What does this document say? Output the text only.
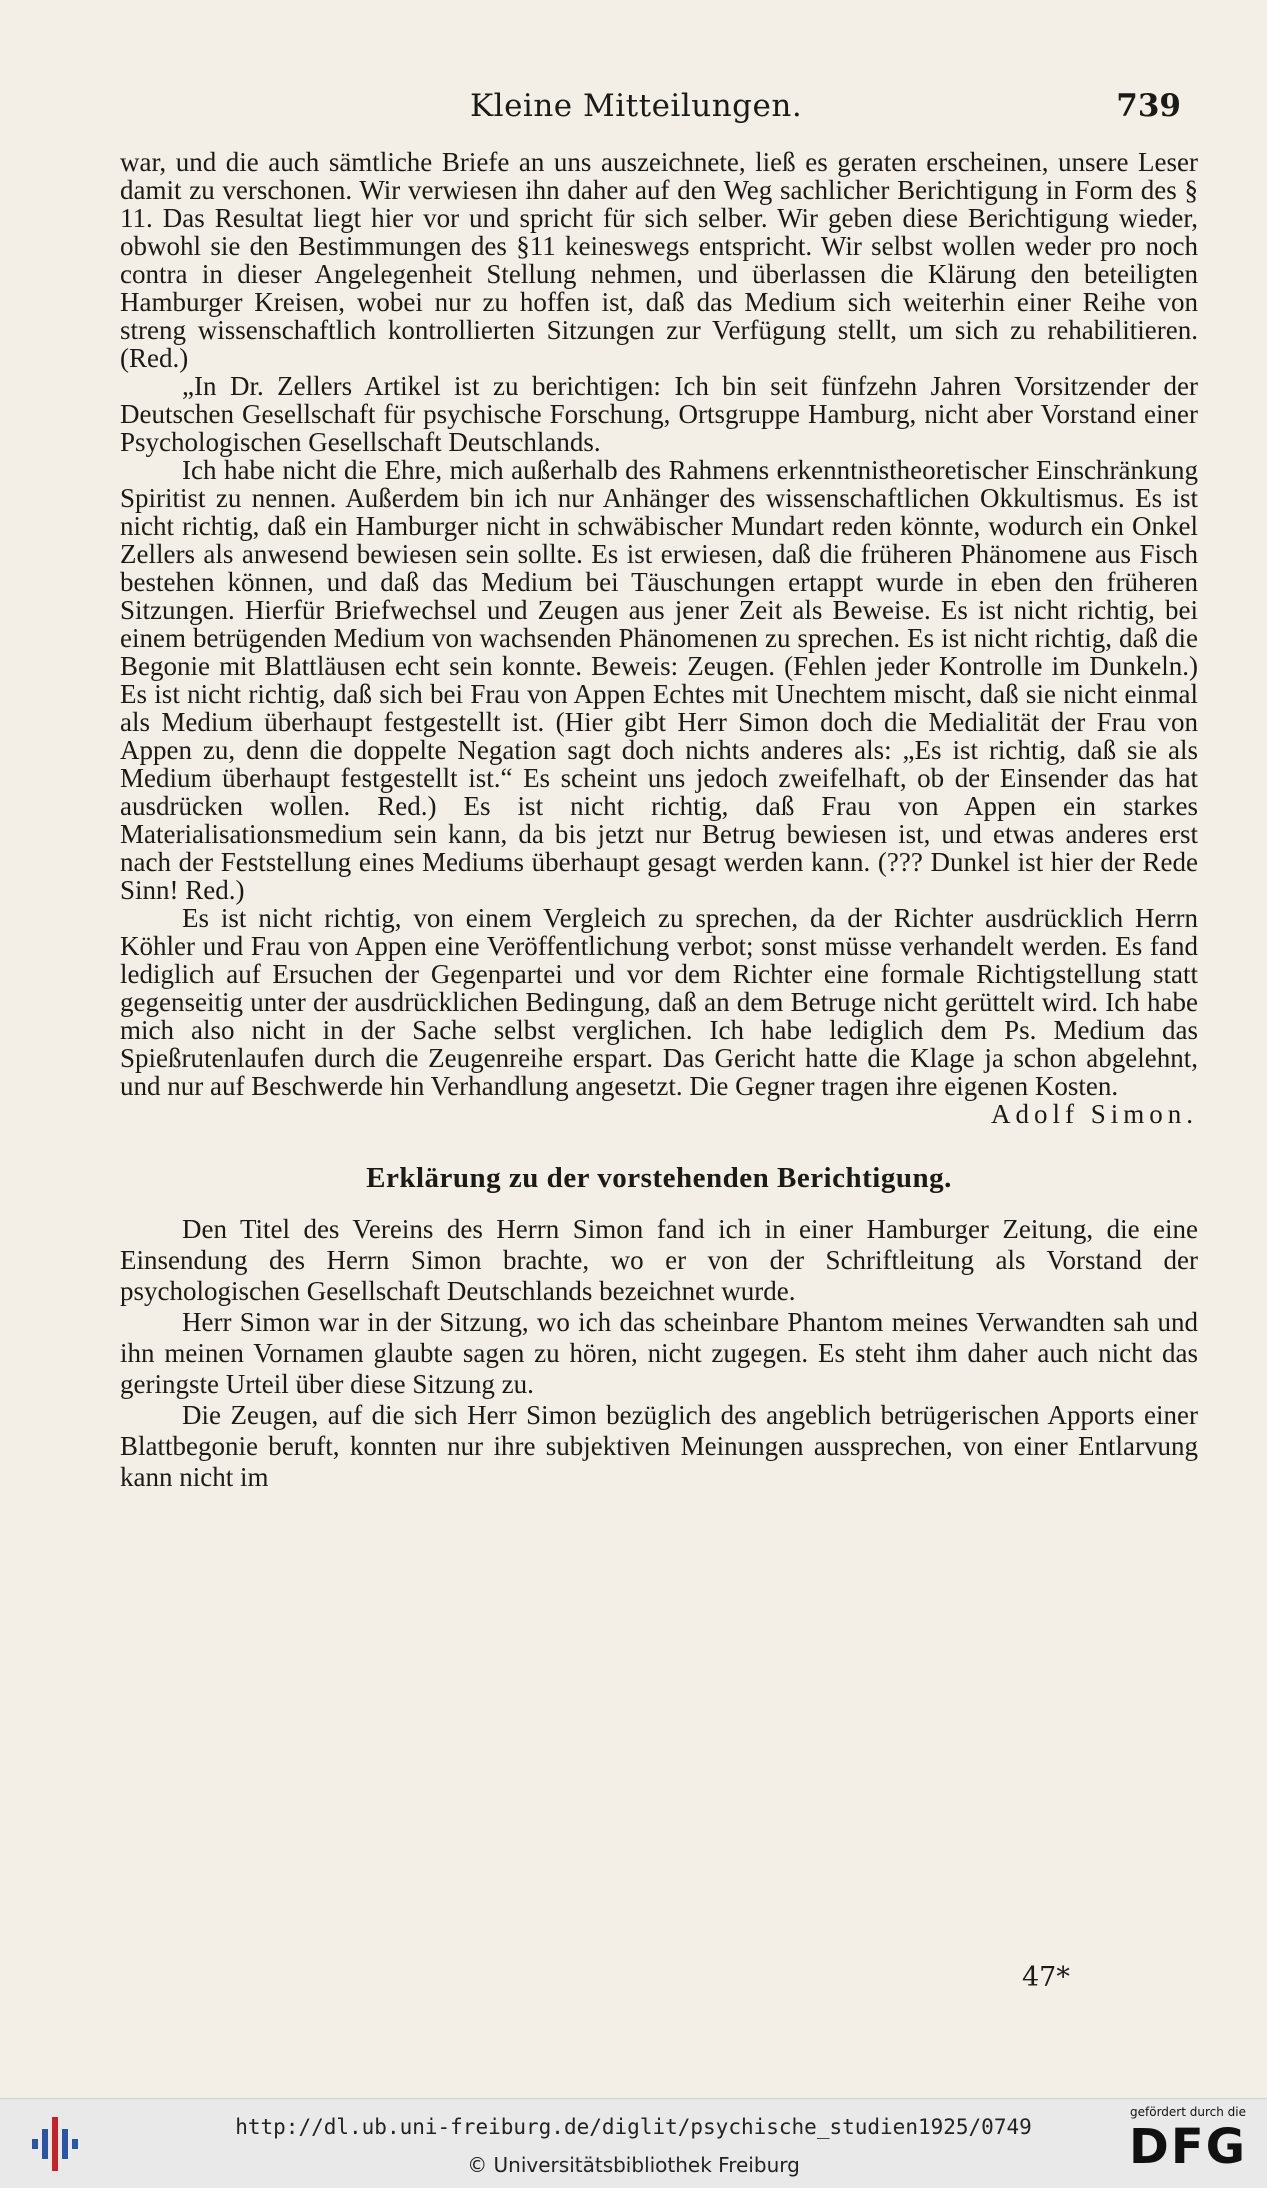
Kleine Mitteilungen.	739

war, und die auch sämtliche Briefe an uns auszeichnete, ließ es geraten erscheinen, unsere Leser damit zu verschonen. Wir verwiesen ihn daher auf den Weg sachlicher Berichtigung in Form des § 11. Das Resultat liegt hier vor und spricht für sich selber. Wir geben diese Berichtigung wieder, obwohl sie den Bestimmungen des §11 keineswegs entspricht. Wir selbst wollen weder pro noch contra in dieser Angelegenheit Stellung nehmen, und überlassen die Klärung den beteiligten Hamburger Kreisen, wobei nur zu hoffen ist, daß das Medium sich weiterhin einer Reihe von streng wissenschaftlich kontrollierten Sitzungen zur Verfügung stellt, um sich zu rehabilitieren. (Red.)

„In Dr. Zellers Artikel ist zu berichtigen: Ich bin seit fünfzehn Jahren Vorsitzender der Deutschen Gesellschaft für psychische Forschung, Ortsgruppe Hamburg, nicht aber Vorstand einer Psychologischen Gesellschaft Deutschlands.

Ich habe nicht die Ehre, mich außerhalb des Rahmens erkenntnistheoretischer Einschränkung Spiritist zu nennen. Außerdem bin ich nur Anhänger des wissenschaftlichen Okkultismus. Es ist nicht richtig, daß ein Hamburger nicht in schwäbischer Mundart reden könnte, wodurch ein Onkel Zellers als anwesend bewiesen sein sollte. Es ist erwiesen, daß die früheren Phänomene aus Fisch bestehen können, und daß das Medium bei Täuschungen ertappt wurde in eben den früheren Sitzungen. Hierfür Briefwechsel und Zeugen aus jener Zeit als Beweise. Es ist nicht richtig, bei einem betrügenden Medium von wachsenden Phänomenen zu sprechen. Es ist nicht richtig, daß die Begonie mit Blattläusen echt sein konnte. Beweis: Zeugen. (Fehlen jeder Kontrolle im Dunkeln.) Es ist nicht richtig, daß sich bei Frau von Appen Echtes mit Unechtem mischt, daß sie nicht einmal als Medium überhaupt festgestellt ist. (Hier gibt Herr Simon doch die Medialität der Frau von Appen zu, denn die doppelte Negation sagt doch nichts anderes als: „Es ist richtig, daß sie als Medium überhaupt festgestellt ist.“ Es scheint uns jedoch zweifelhaft, ob der Einsender das hat ausdrücken wollen. Red.) Es ist nicht richtig, daß Frau von Appen ein starkes Materialisationsmedium sein kann, da bis jetzt nur Betrug bewiesen ist, und etwas anderes erst nach der Feststellung eines Mediums überhaupt gesagt werden kann. (??? Dunkel ist hier der Rede Sinn! Red.)

Es ist nicht richtig, von einem Vergleich zu sprechen, da der Richter ausdrücklich Herrn Köhler und Frau von Appen eine Veröffentlichung verbot; sonst müsse verhandelt werden. Es fand lediglich auf Ersuchen der Gegenpartei und vor dem Richter eine formale Richtigstellung statt gegenseitig unter der ausdrücklichen Bedingung, daß an dem Betruge nicht gerüttelt wird. Ich habe mich also nicht in der Sache selbst verglichen. Ich habe lediglich dem Ps. Medium das Spießrutenlaufen durch die Zeugenreihe erspart. Das Gericht hatte die Klage ja schon abgelehnt, und nur auf Beschwerde hin Verhandlung angesetzt. Die Gegner tragen ihre eigenen Kosten.

Adolf Simon.
Erklärung zu der vorstehenden Berichtigung.

Den Titel des Vereins des Herrn Simon fand ich in einer Hamburger Zeitung, die eine Einsendung des Herrn Simon brachte, wo er von der Schriftleitung als Vorstand der psychologischen Gesellschaft Deutschlands bezeichnet wurde.

Herr Simon war in der Sitzung, wo ich das scheinbare Phantom meines Verwandten sah und ihn meinen Vornamen glaubte sagen zu hören, nicht zugegen. Es steht ihm daher auch nicht das geringste Urteil über diese Sitzung zu.

Die Zeugen, auf die sich Herr Simon bezüglich des angeblich betrügerischen Apports einer Blattbegonie beruft, konnten nur ihre subjektiven Meinungen aussprechen, von einer Entlarvung kann nicht im

47*
http://dl.ub.uni-freiburg.de/diglit/psychische_studien1925/0749
© Universitätsbibliothek Freiburg
gefördert durch die
DFG
